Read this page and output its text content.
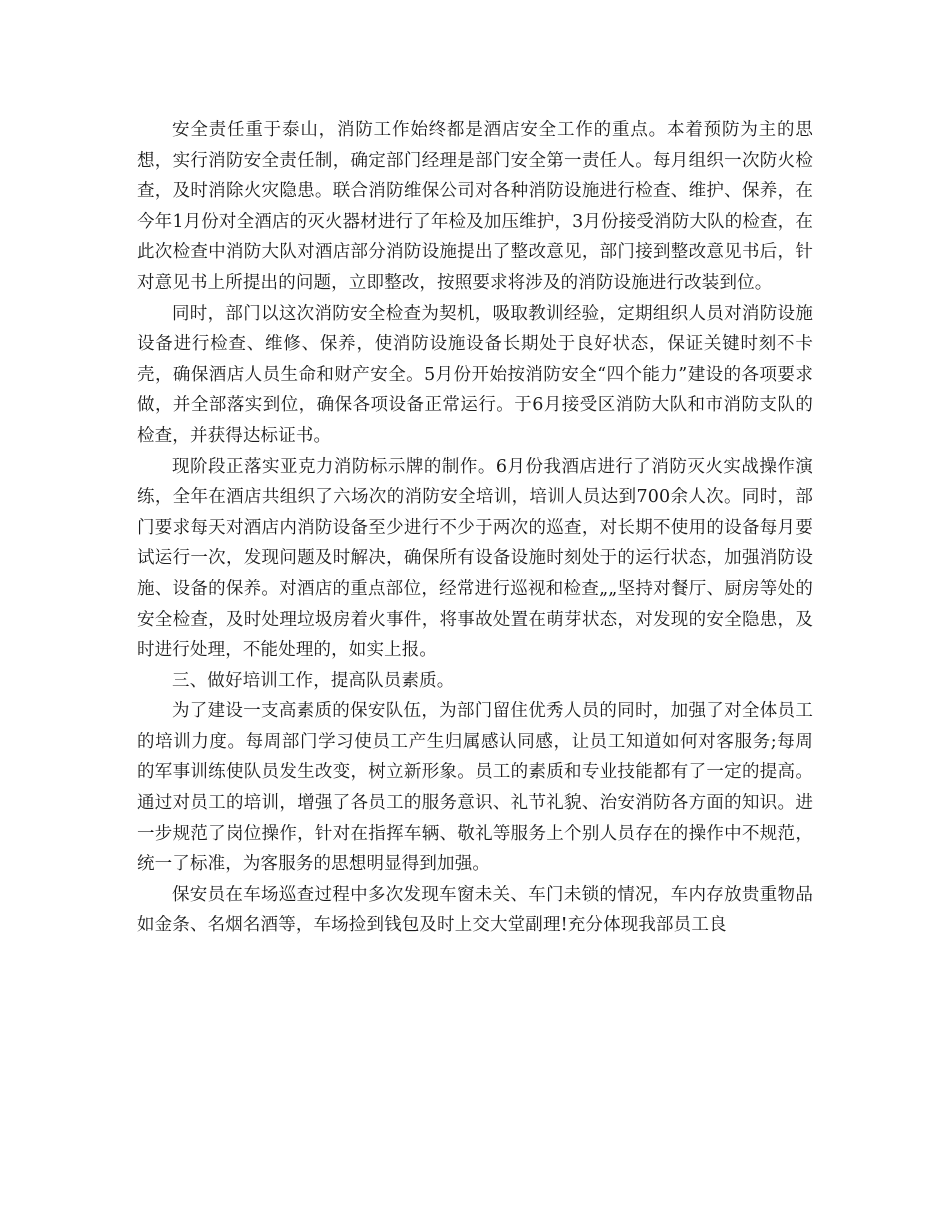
安全责任重于泰山，消防工作始终都是酒店安全工作的重点。本着预防为主的思想，实行消防安全责任制，确定部门经理是部门安全第一责任人。每月组织一次防火检查，及时消除火灾隐患。联合消防维保公司对各种消防设施进行检查、维护、保养，在今年1月份对全酒店的灭火器材进行了年检及加压维护，3月份接受消防大队的检查，在此次检查中消防大队对酒店部分消防设施提出了整改意见，部门接到整改意见书后，针对意见书上所提出的问题，立即整改，按照要求将涉及的消防设施进行改装到位。

同时，部门以这次消防安全检查为契机，吸取教训经验，定期组织人员对消防设施设备进行检查、维修、保养，使消防设施设备长期处于良好状态，保证关键时刻不卡壳，确保酒店人员生命和财产安全。5月份开始按消防安全“四个能力”建设的各项要求做，并全部落实到位，确保各项设备正常运行。于6月接受区消防大队和市消防支队的检查，并获得达标证书。

现阶段正落实亚克力消防标示牌的制作。6月份我酒店进行了消防灭火实战操作演练，全年在酒店共组织了六场次的消防安全培训，培训人员达到700余人次。同时，部门要求每天对酒店内消防设备至少进行不少于两次的巡查，对长期不使用的设备每月要试运行一次，发现问题及时解决，确保所有设备设施时刻处于的运行状态，加强消防设施、设备的保养。对酒店的重点部位，经常进行巡视和检查„„坚持对餐厅、厨房等处的安全检查，及时处理垃圾房着火事件，将事故处置在萌芽状态，对发现的安全隐患，及时进行处理，不能处理的，如实上报。

三、做好培训工作，提高队员素质。

为了建设一支高素质的保安队伍，为部门留住优秀人员的同时，加强了对全体员工的培训力度。每周部门学习使员工产生归属感认同感，让员工知道如何对客服务;每周的军事训练使队员发生改变，树立新形象。员工的素质和专业技能都有了一定的提高。通过对员工的培训，增强了各员工的服务意识、礼节礼貌、治安消防各方面的知识。进一步规范了岗位操作，针对在指挥车辆、敬礼等服务上个别人员存在的操作中不规范，统一了标准，为客服务的思想明显得到加强。

保安员在车场巡查过程中多次发现车窗未关、车门未锁的情况，车内存放贵重物品如金条、名烟名酒等，车场捡到钱包及时上交大堂副理!充分体现我部员工良
